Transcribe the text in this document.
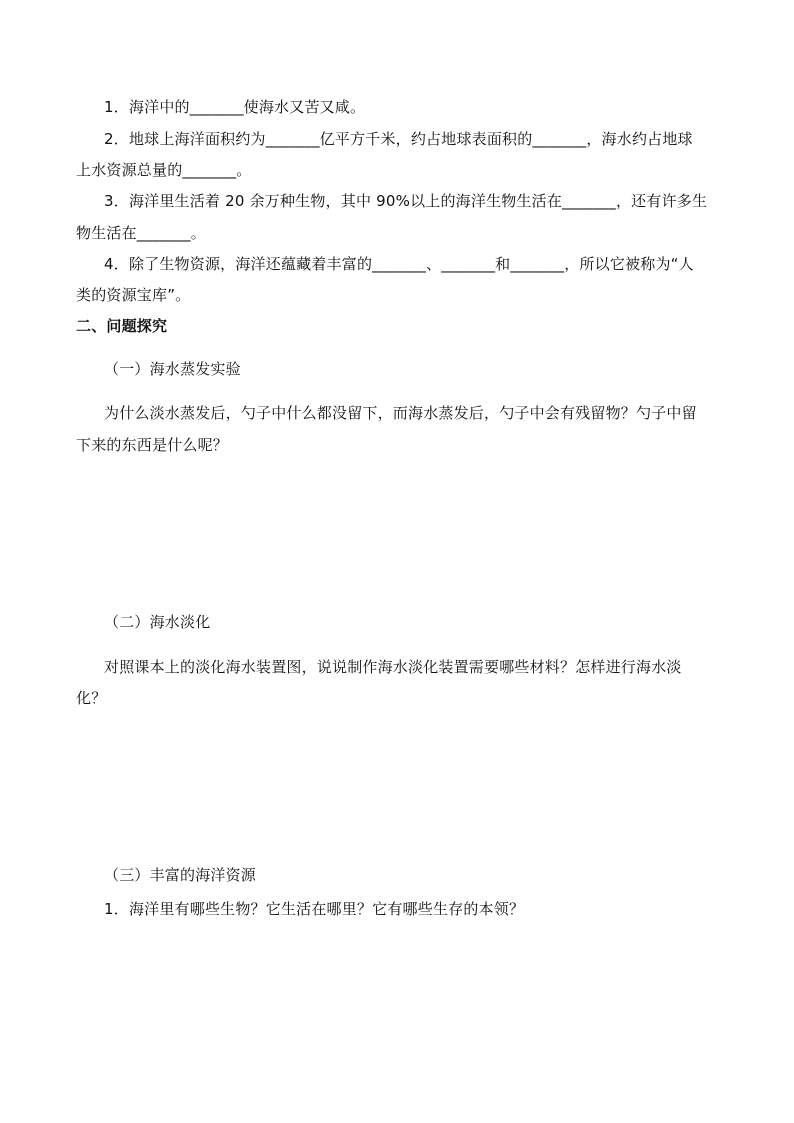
1．海洋中的_______使海水又苦又咸。
2．地球上海洋面积约为_______亿平方千米，约占地球表面积的_______，海水约占地球
上水资源总量的_______。
3．海洋里生活着 20 余万种生物，其中 90%以上的海洋生物生活在_______，还有许多生
物生活在_______。
4．除了生物资源，海洋还蕴藏着丰富的_______、_______和_______，所以它被称为“人
类的资源宝库”。
二、问题探究
（一）海水蒸发实验
为什么淡水蒸发后，勺子中什么都没留下，而海水蒸发后，勺子中会有残留物？勺子中留
下来的东西是什么呢？
（二）海水淡化
对照课本上的淡化海水装置图，说说制作海水淡化装置需要哪些材料？怎样进行海水淡
化？
（三）丰富的海洋资源
1．海洋里有哪些生物？它生活在哪里？它有哪些生存的本领？
